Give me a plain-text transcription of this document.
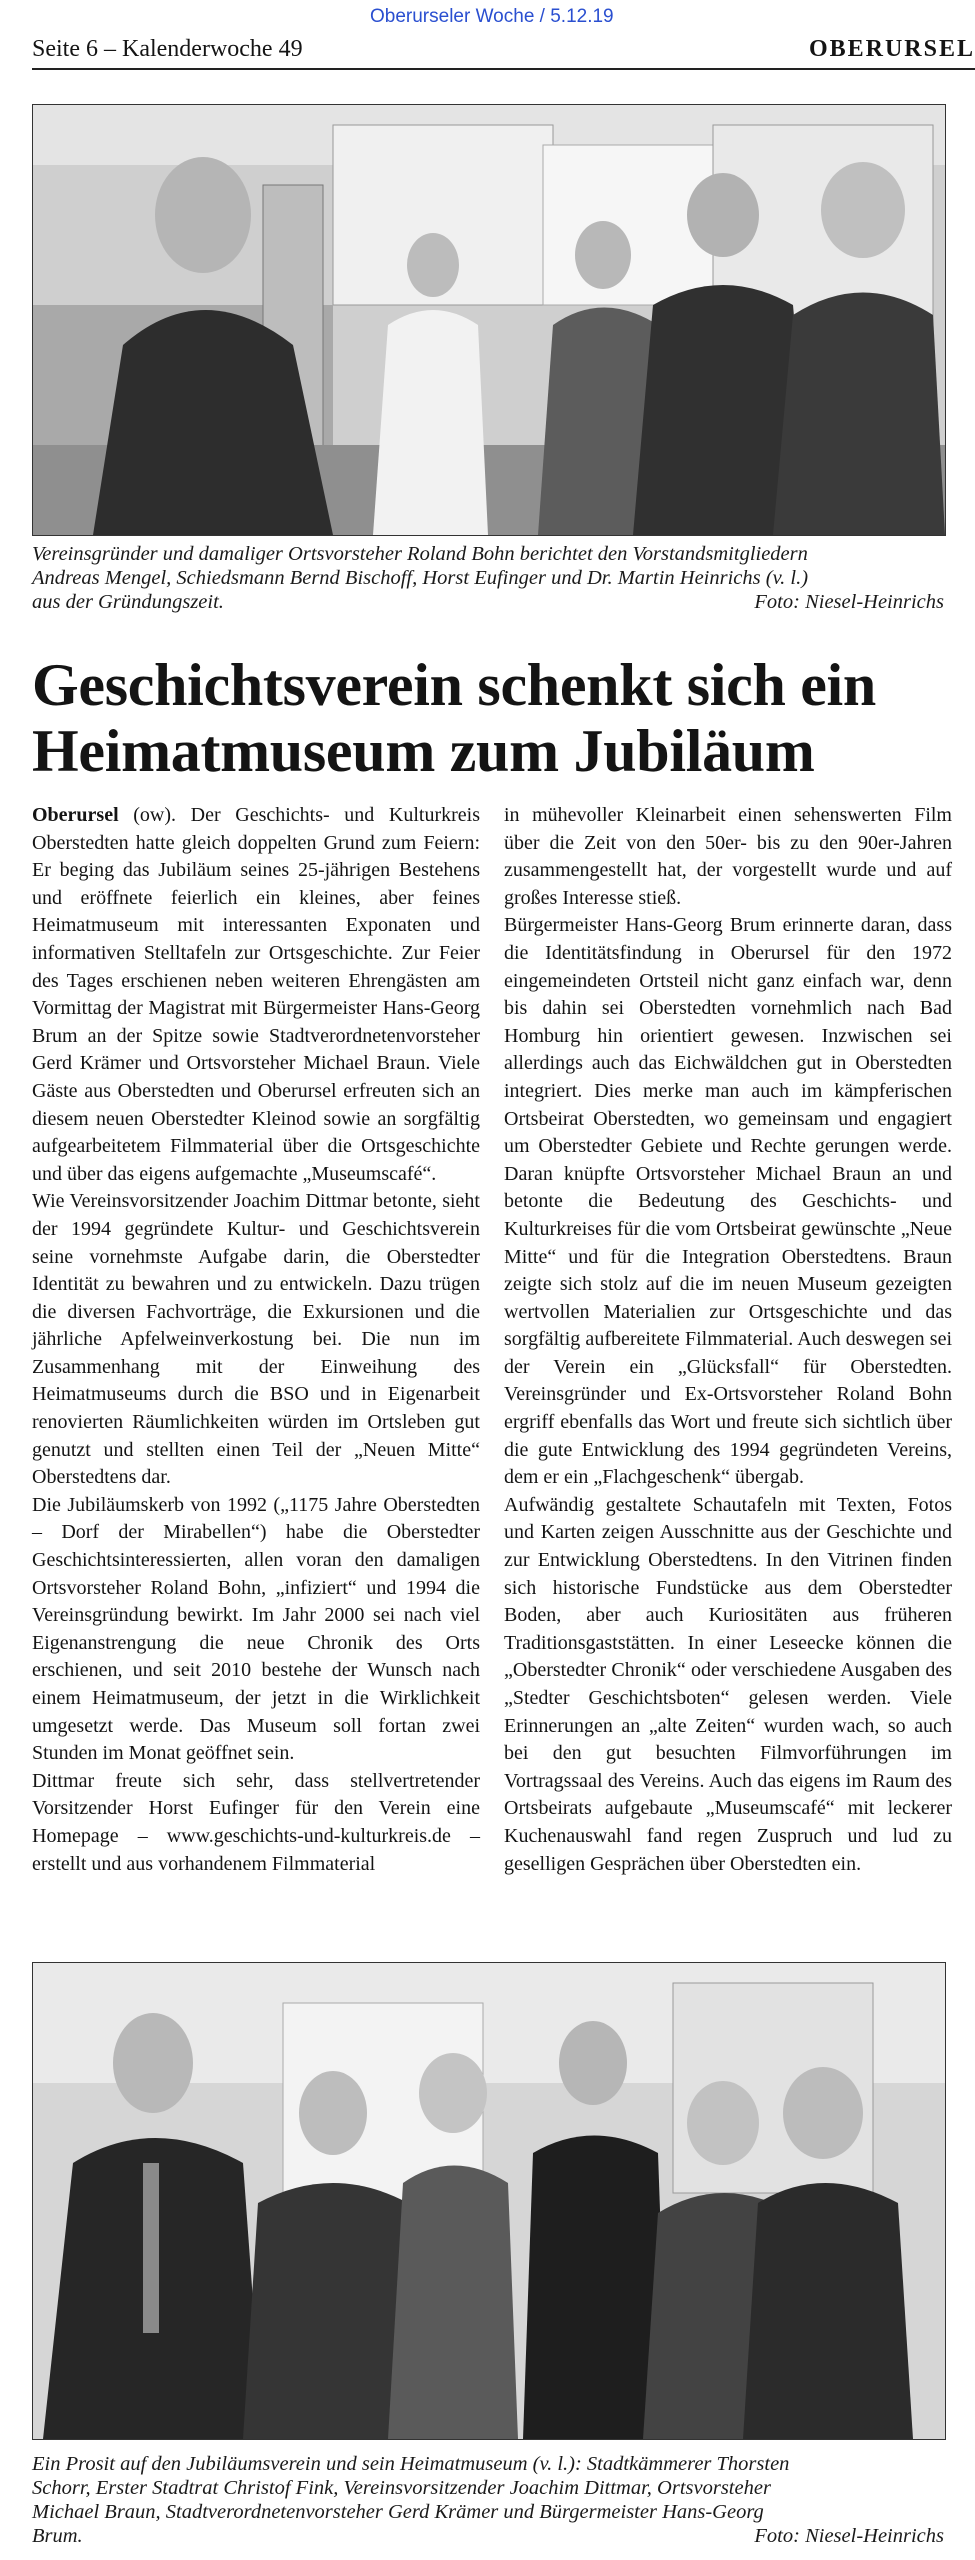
Oberurseler Woche / 5.12.19
Seite 6 – Kalenderwoche 49	OBERURSEL
Vereinsgründer und damaliger Ortsvorsteher Roland Bohn berichtet den Vorstandsmitgliedern
Andreas Mengel, Schiedsmann Bernd Bischoff, Horst Eufinger und Dr. Martin Heinrichs (v. l.)
aus der Gründungszeit.	Foto: Niesel-Heinrichs
Geschichtsverein schenkt sich ein
Heimatmuseum zum Jubiläum

Oberursel (ow). Der Geschichts- und Kulturkreis Oberstedten hatte gleich doppelten Grund zum Feiern: Er beging das Jubiläum seines 25-jährigen Bestehens und eröffnete feierlich ein kleines, aber feines Heimatmuseum mit interessanten Exponaten und informativen Stelltafeln zur Ortsgeschichte. Zur Feier des Tages erschienen neben weiteren Ehrengästen am Vormittag der Magistrat mit Bürgermeister Hans-Georg Brum an der Spitze sowie Stadtverordnetenvorsteher Gerd Krämer und Ortsvorsteher Michael Braun. Viele Gäste aus Oberstedten und Oberursel erfreuten sich an diesem neuen Oberstedter Kleinod sowie an sorgfältig aufgearbeitetem Filmmaterial über die Ortsgeschichte und über das eigens aufgemachte „Museumscafé“.

Wie Vereinsvorsitzender Joachim Dittmar betonte, sieht der 1994 gegründete Kultur- und Geschichtsverein seine vornehmste Aufgabe darin, die Oberstedter Identität zu bewahren und zu entwickeln. Dazu trügen die diversen Fachvorträge, die Exkursionen und die jährliche Apfelweinverkostung bei. Die nun im Zusammenhang mit der Einweihung des Heimatmuseums durch die BSO und in Eigenarbeit renovierten Räumlichkeiten würden im Ortsleben gut genutzt und stellten einen Teil der „Neuen Mitte“ Oberstedtens dar.

Die Jubiläumskerb von 1992 („1175 Jahre Oberstedten – Dorf der Mirabellen“) habe die Oberstedter Geschichtsinteressierten, allen voran den damaligen Ortsvorsteher Roland Bohn, „infiziert“ und 1994 die Vereinsgründung bewirkt. Im Jahr 2000 sei nach viel Eigenanstrengung die neue Chronik des Orts erschienen, und seit 2010 bestehe der Wunsch nach einem Heimatmuseum, der jetzt in die Wirklichkeit umgesetzt werde. Das Museum soll fortan zwei Stunden im Monat geöffnet sein.

Dittmar freute sich sehr, dass stellvertretender Vorsitzender Horst Eufinger für den Verein eine Homepage – www.geschichts-und-kulturkreis.de – erstellt und aus vorhandenem Filmmaterial

in mühevoller Kleinarbeit einen sehenswerten Film über die Zeit von den 50er- bis zu den 90er-Jahren zusammengestellt hat, der vorgestellt wurde und auf großes Interesse stieß.

Bürgermeister Hans-Georg Brum erinnerte daran, dass die Identitätsfindung in Oberursel für den 1972 eingemeindeten Ortsteil nicht ganz einfach war, denn bis dahin sei Oberstedten vornehmlich nach Bad Homburg hin orientiert gewesen. Inzwischen sei allerdings auch das Eichwäldchen gut in Oberstedten integriert. Dies merke man auch im kämpferischen Ortsbeirat Oberstedten, wo gemeinsam und engagiert um Oberstedter Gebiete und Rechte gerungen werde. Daran knüpfte Ortsvorsteher Michael Braun an und betonte die Bedeutung des Geschichts- und Kulturkreises für die vom Ortsbeirat gewünschte „Neue Mitte“ und für die Integration Oberstedtens. Braun zeigte sich stolz auf die im neuen Museum gezeigten wertvollen Materialien zur Ortsgeschichte und das sorgfältig aufbereitete Filmmaterial. Auch deswegen sei der Verein ein „Glücksfall“ für Oberstedten. Vereinsgründer und Ex-Ortsvorsteher Roland Bohn ergriff ebenfalls das Wort und freute sich sichtlich über die gute Entwicklung des 1994 gegründeten Vereins, dem er ein „Flachgeschenk“ übergab.

Aufwändig gestaltete Schautafeln mit Texten, Fotos und Karten zeigen Ausschnitte aus der Geschichte und zur Entwicklung Oberstedtens. In den Vitrinen finden sich historische Fundstücke aus dem Oberstedter Boden, aber auch Kuriositäten aus früheren Traditionsgaststätten. In einer Leseecke können die „Oberstedter Chronik“ oder verschiedene Ausgaben des „Stedter Geschichtsboten“ gelesen werden. Viele Erinnerungen an „alte Zeiten“ wurden wach, so auch bei den gut besuchten Filmvorführungen im Vortragssaal des Vereins. Auch das eigens im Raum des Ortsbeirats aufgebaute „Museumscafé“ mit leckerer Kuchenauswahl fand regen Zuspruch und lud zu geselligen Gesprächen über Oberstedten ein.

Ein Prosit auf den Jubiläumsverein und sein Heimatmuseum (v. l.): Stadtkämmerer Thorsten
Schorr, Erster Stadtrat Christof Fink, Vereinsvorsitzender Joachim Dittmar, Ortsvorsteher
Michael Braun, Stadtverordnetenvorsteher Gerd Krämer und Bürgermeister Hans-Georg
Brum.	Foto: Niesel-Heinrichs
